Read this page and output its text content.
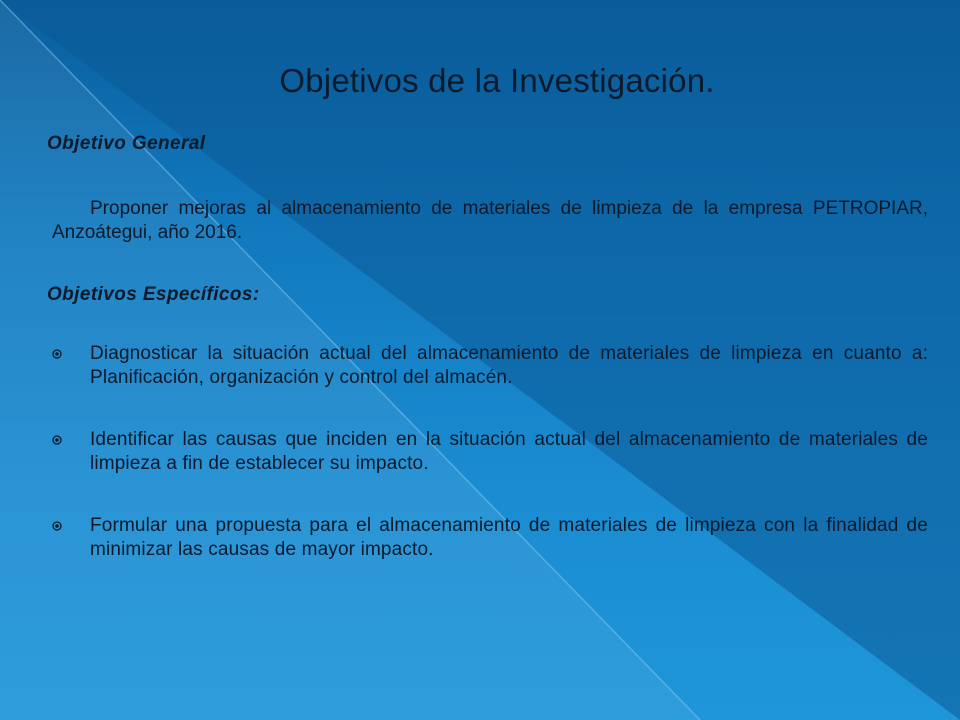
Objetivos de la Investigación.
Objetivo General
Proponer mejoras al almacenamiento de materiales de limpieza de la empresa PETROPIAR, Anzoátegui, año 2016.
Objetivos Específicos:
Diagnosticar la situación actual del almacenamiento de materiales de limpieza en cuanto a: Planificación, organización y control del almacén.
Identificar las causas que inciden en la situación actual del almacenamiento de materiales de limpieza a fin de establecer su impacto.
Formular una propuesta para el almacenamiento de materiales de limpieza con la finalidad de minimizar las causas de mayor impacto.
